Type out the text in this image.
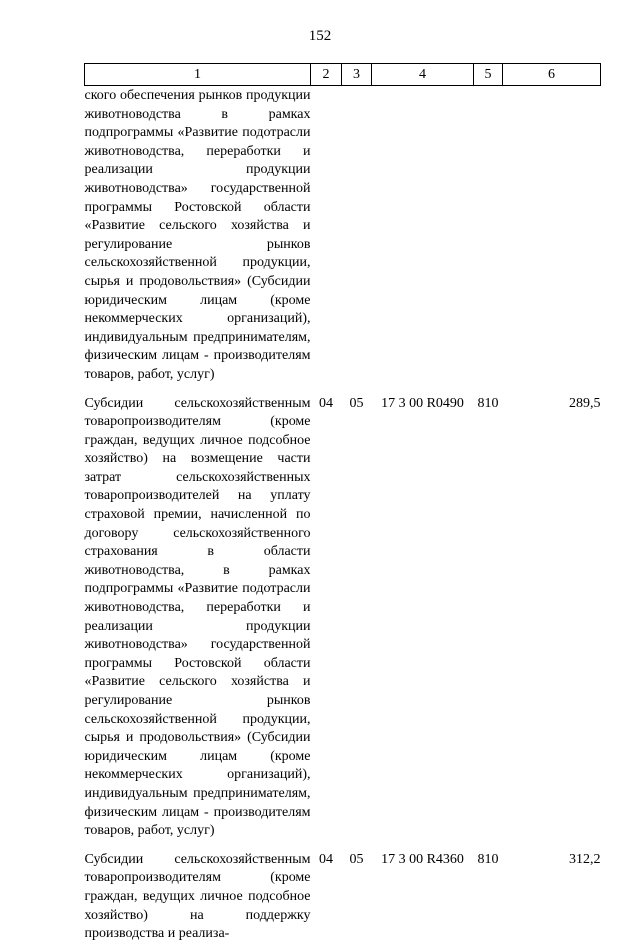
152
1	2	3	4	5	6
ского обеспечения рынков продукции животноводства в рамках подпрограммы «Развитие подотрасли животноводства, переработки и реализации продукции животноводства» государственной программы Ростовской области «Развитие сельского хозяйства и регулирование рынков сельскохозяйственной продукции, сырья и продовольствия» (Субсидии юридическим лицам (кроме некоммерческих организаций), индивидуальным предпринимателям, физическим лицам - производителям товаров, работ, услуг)					
Субсидии сельскохозяйственным товаропроизводителям (кроме граждан, ведущих личное подсобное хозяйство) на возмещение части затрат сельскохозяйственных товаропроизводителей на уплату страховой премии, начисленной по договору сельскохозяйственного страхования в области животноводства, в рамках подпрограммы «Развитие подотрасли животноводства, переработки и реализации продукции животноводства» государственной программы Ростовской области «Развитие сельского хозяйства и регулирование рынков сельскохозяйственной продукции, сырья и продовольствия» (Субсидии юридическим лицам (кроме некоммерческих организаций), индивидуальным предпринимателям, физическим лицам - производителям товаров, работ, услуг)	04	05	17 3 00 R0490	810	289,5
Субсидии сельскохозяйственным товаропроизводителям (кроме граждан, ведущих личное подсобное хозяйство) на поддержку производства и реализа-	04	05	17 3 00 R4360	810	312,2
